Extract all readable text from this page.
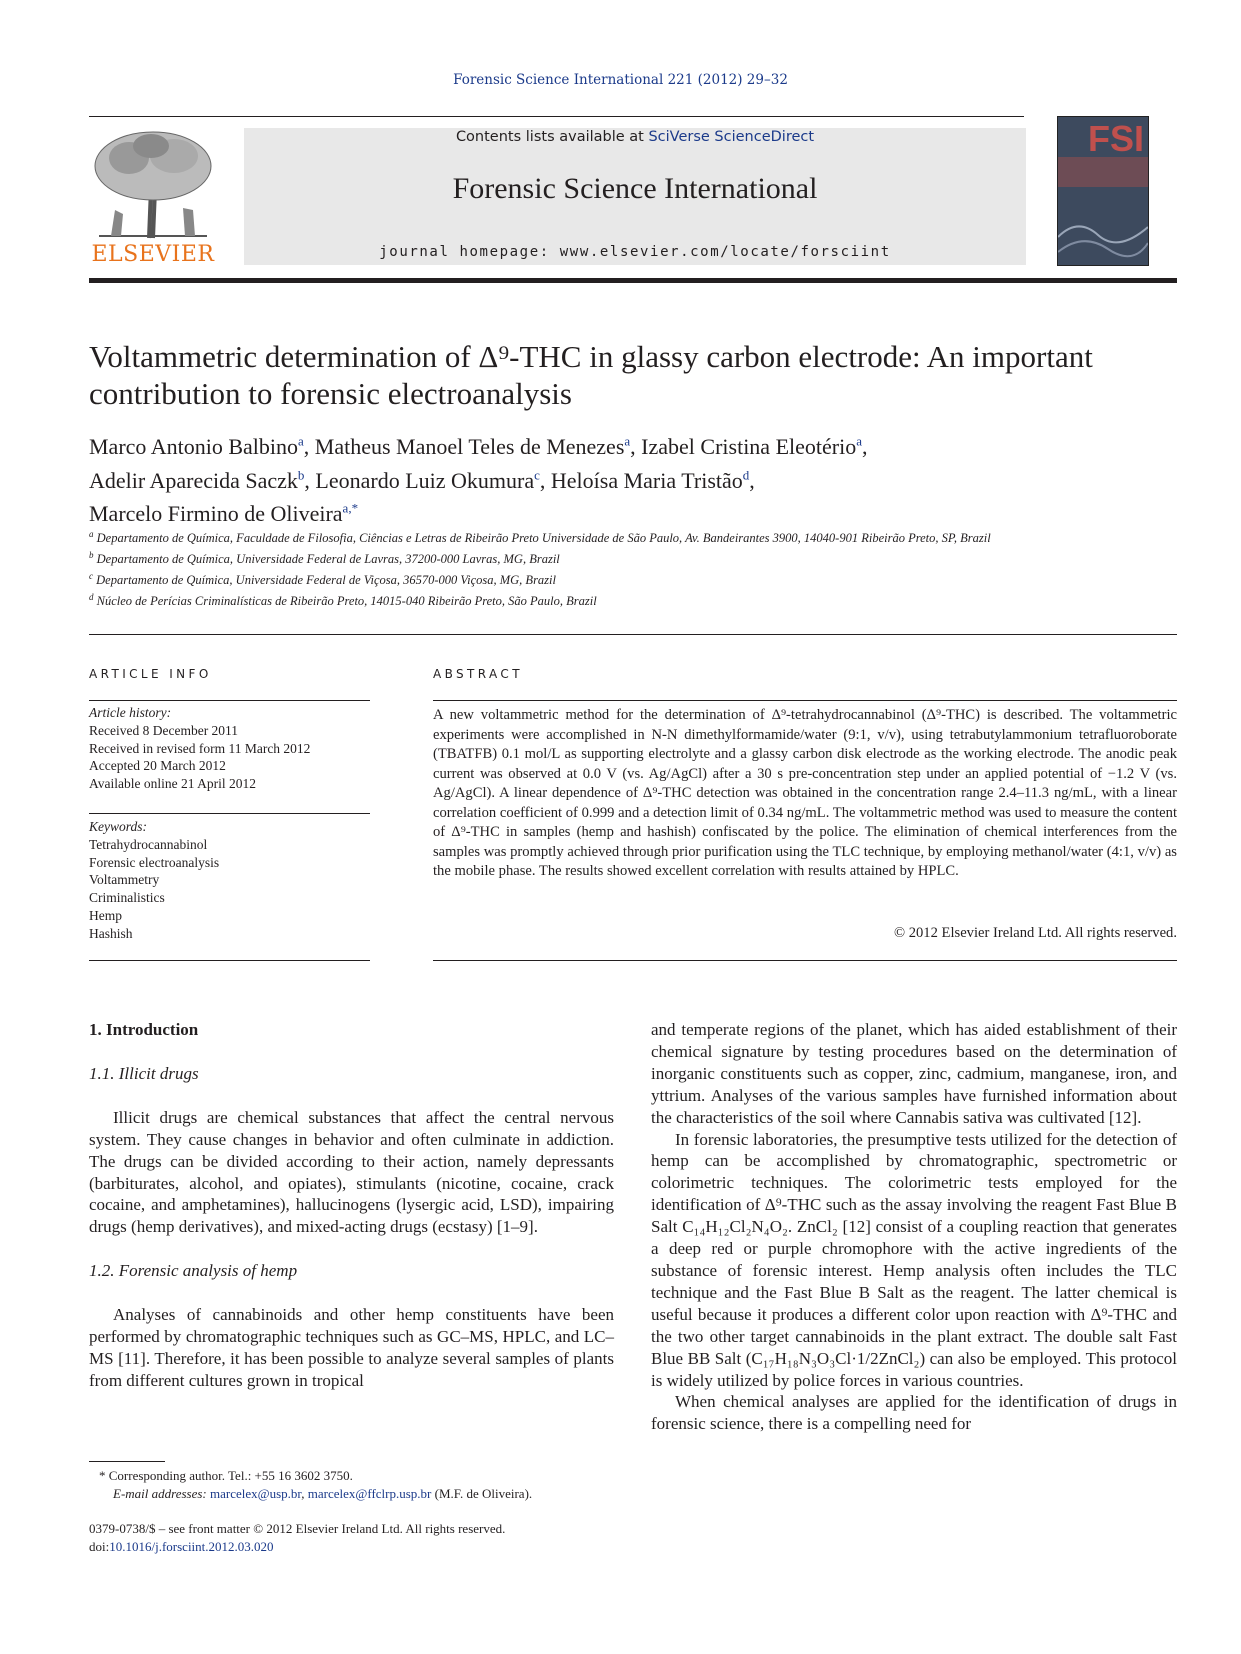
Forensic Science International 221 (2012) 29–32
ELSEVIER
Contents lists available at SciVerse ScienceDirect
Forensic Science International
journal homepage: www.elsevier.com/locate/forsciint
FSI
Voltammetric determination of Δ⁹-THC in glassy carbon electrode: An important contribution to forensic electroanalysis
Marco Antonio Balbino$^a$, Matheus Manoel Teles de Menezes$^a$, Izabel Cristina Eleotério$^a$,
Adelir Aparecida Saczk$^b$, Leonardo Luiz Okumura$^c$, Heloísa Maria Tristão$^d$,
Marcelo Firmino de Oliveira$^{a,*}$
$^a$ Departamento de Química, Faculdade de Filosofia, Ciências e Letras de Ribeirão Preto Universidade de São Paulo, Av. Bandeirantes 3900, 14040-901 Ribeirão Preto, SP, Brazil
$^b$ Departamento de Química, Universidade Federal de Lavras, 37200-000 Lavras, MG, Brazil
$^c$ Departamento de Química, Universidade Federal de Viçosa, 36570-000 Viçosa, MG, Brazil
$^d$ Núcleo de Perícias Criminalísticas de Ribeirão Preto, 14015-040 Ribeirão Preto, São Paulo, Brazil
ARTICLE INFO	ABSTRACT
Article history:
Received 8 December 2011
Received in revised form 11 March 2012
Accepted 20 March 2012
Available online 21 April 2012
Keywords:
Tetrahydrocannabinol
Forensic electroanalysis
Voltammetry
Criminalistics
Hemp
Hashish
A new voltammetric method for the determination of Δ⁹-tetrahydrocannabinol (Δ⁹-THC) is described. The voltammetric experiments were accomplished in N-N dimethylformamide/water (9:1, v/v), using tetrabutylammonium tetrafluoroborate (TBATFB) 0.1 mol/L as supporting electrolyte and a glassy carbon disk electrode as the working electrode. The anodic peak current was observed at 0.0 V (vs. Ag/AgCl) after a 30 s pre-concentration step under an applied potential of −1.2 V (vs. Ag/AgCl). A linear dependence of Δ⁹-THC detection was obtained in the concentration range 2.4–11.3 ng/mL, with a linear correlation coefficient of 0.999 and a detection limit of 0.34 ng/mL. The voltammetric method was used to measure the content of Δ⁹-THC in samples (hemp and hashish) confiscated by the police. The elimination of chemical interferences from the samples was promptly achieved through prior purification using the TLC technique, by employing methanol/water (4:1, v/v) as the mobile phase. The results showed excellent correlation with results attained by HPLC.
© 2012 Elsevier Ireland Ltd. All rights reserved.
1. Introduction
1.1. Illicit drugs

Illicit drugs are chemical substances that affect the central nervous system. They cause changes in behavior and often culminate in addiction. The drugs can be divided according to their action, namely depressants (barbiturates, alcohol, and opiates), stimulants (nicotine, cocaine, crack cocaine, and amphetamines), hallucinogens (lysergic acid, LSD), impairing drugs (hemp derivatives), and mixed-acting drugs (ecstasy) [1–9].

1.2. Forensic analysis of hemp

Analyses of cannabinoids and other hemp constituents have been performed by chromatographic techniques such as GC–MS, HPLC, and LC–MS [11]. Therefore, it has been possible to analyze several samples of plants from different cultures grown in tropical

and temperate regions of the planet, which has aided establishment of their chemical signature by testing procedures based on the determination of inorganic constituents such as copper, zinc, cadmium, manganese, iron, and yttrium. Analyses of the various samples have furnished information about the characteristics of the soil where Cannabis sativa was cultivated [12].

In forensic laboratories, the presumptive tests utilized for the detection of hemp can be accomplished by chromatographic, spectrometric or colorimetric techniques. The colorimetric tests employed for the identification of Δ⁹-THC such as the assay involving the reagent Fast Blue B Salt C₁₄H₁₂Cl₂N₄O₂. ZnCl₂ [12] consist of a coupling reaction that generates a deep red or purple chromophore with the active ingredients of the substance of forensic interest. Hemp analysis often includes the TLC technique and the Fast Blue B Salt as the reagent. The latter chemical is useful because it produces a different color upon reaction with Δ⁹-THC and the two other target cannabinoids in the plant extract. The double salt Fast Blue BB Salt (C₁₇H₁₈N₃O₃Cl·1/2ZnCl₂) can also be employed. This protocol is widely utilized by police forces in various countries.

When chemical analyses are applied for the identification of drugs in forensic science, there is a compelling need for

* Corresponding author. Tel.: +55 16 3602 3750.
E-mail addresses: marcelex@usp.br, marcelex@ffclrp.usp.br (M.F. de Oliveira).
0379-0738/$ – see front matter © 2012 Elsevier Ireland Ltd. All rights reserved.
doi:10.1016/j.forsciint.2012.03.020
